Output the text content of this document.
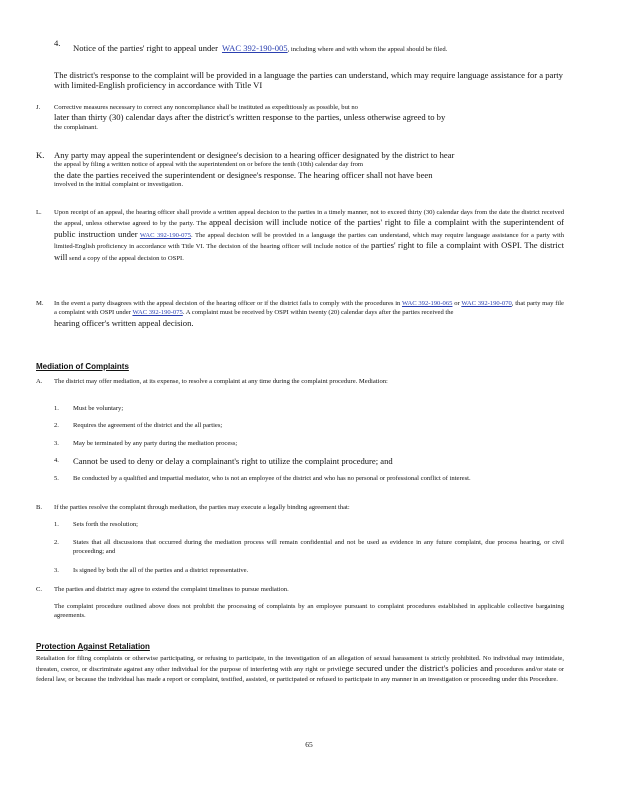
4. Notice of the parties' right to appeal under WAC 392-190-005, including where and with whom the appeal should be filed.

The district's response to the complaint will be provided in a language the parties can understand, which may require language assistance for a party with limited-English proficiency in accordance with Title VI

J. Corrective measures necessary to correct any noncompliance shall be instituted as expeditiously as possible, but no
later than thirty (30) calendar days after the district's written response to the parties, unless otherwise agreed to by
the complainant.
K. Any party may appeal the superintendent or designee's decision to a hearing officer designated by the district to hear
the appeal by filing a written notice of appeal with the superintendent on or before the tenth (10th) calendar day from
the date the parties received the superintendent or designee's response. The hearing officer shall not have been
involved in the initial complaint or investigation.
L. Upon receipt of an appeal, the hearing officer shall provide a written appeal decision to the parties in a timely manner, not to exceed thirty (30) calendar days from the date the district received the appeal, unless otherwise agreed to by the party. The appeal decision will include notice of the parties' right to file a complaint with the superintendent of public instruction under WAC 392-190-075. The appeal decision will be provided in a language the parties can understand, which may require language assistance for a party with limited-English proficiency in accordance with Title VI. The decision of the hearing officer will include notice of the parties' right to file a complaint with OSPI. The district will send a copy of the appeal decision to OSPI.
M. In the event a party disagrees with the appeal decision of the hearing officer or if the district fails to comply with the procedures in WAC 392-190-065 or WAC 392-190-070, that party may file a complaint with OSPI under WAC 392-190-075. A complaint must be received by OSPI within twenty (20) calendar days after the parties received the
hearing officer's written appeal decision.
Mediation of Complaints
A. The district may offer mediation, at its expense, to resolve a complaint at any time during the complaint procedure. Mediation:
1. Must be voluntary;
2. Requires the agreement of the district and the all parties;
3. May be terminated by any party during the mediation process;
4. Cannot be used to deny or delay a complainant's right to utilize the complaint procedure; and
5. Be conducted by a qualified and impartial mediator, who is not an employee of the district and who has no personal or professional conflict of interest.
B. If the parties resolve the complaint through mediation, the parties may execute a legally binding agreement that:
1. Sets forth the resolution;
2. States that all discussions that occurred during the mediation process will remain confidential and not be used as evidence in any future complaint, due process hearing, or civil proceeding; and
3. Is signed by both the all of the parties and a district representative.
C. The parties and district may agree to extend the complaint timelines to pursue mediation.

The complaint procedure outlined above does not prohibit the processing of complaints by an employee pursuant to complaint procedures established in applicable collective bargaining agreements.

Protection Against Retaliation

Retaliation for filing complaints or otherwise participating, or refusing to participate, in the investigation of an allegation of sexual harassment is strictly prohibited. No individual may intimidate, threaten, coerce, or discriminate against any other individual for the purpose of interfering with any right or privilege secured under the district's policies and procedures and/or state or federal law, or because the individual has made a report or complaint, testified, assisted, or participated or refused to participate in any manner in an investigation or proceeding under this Procedure.

65
